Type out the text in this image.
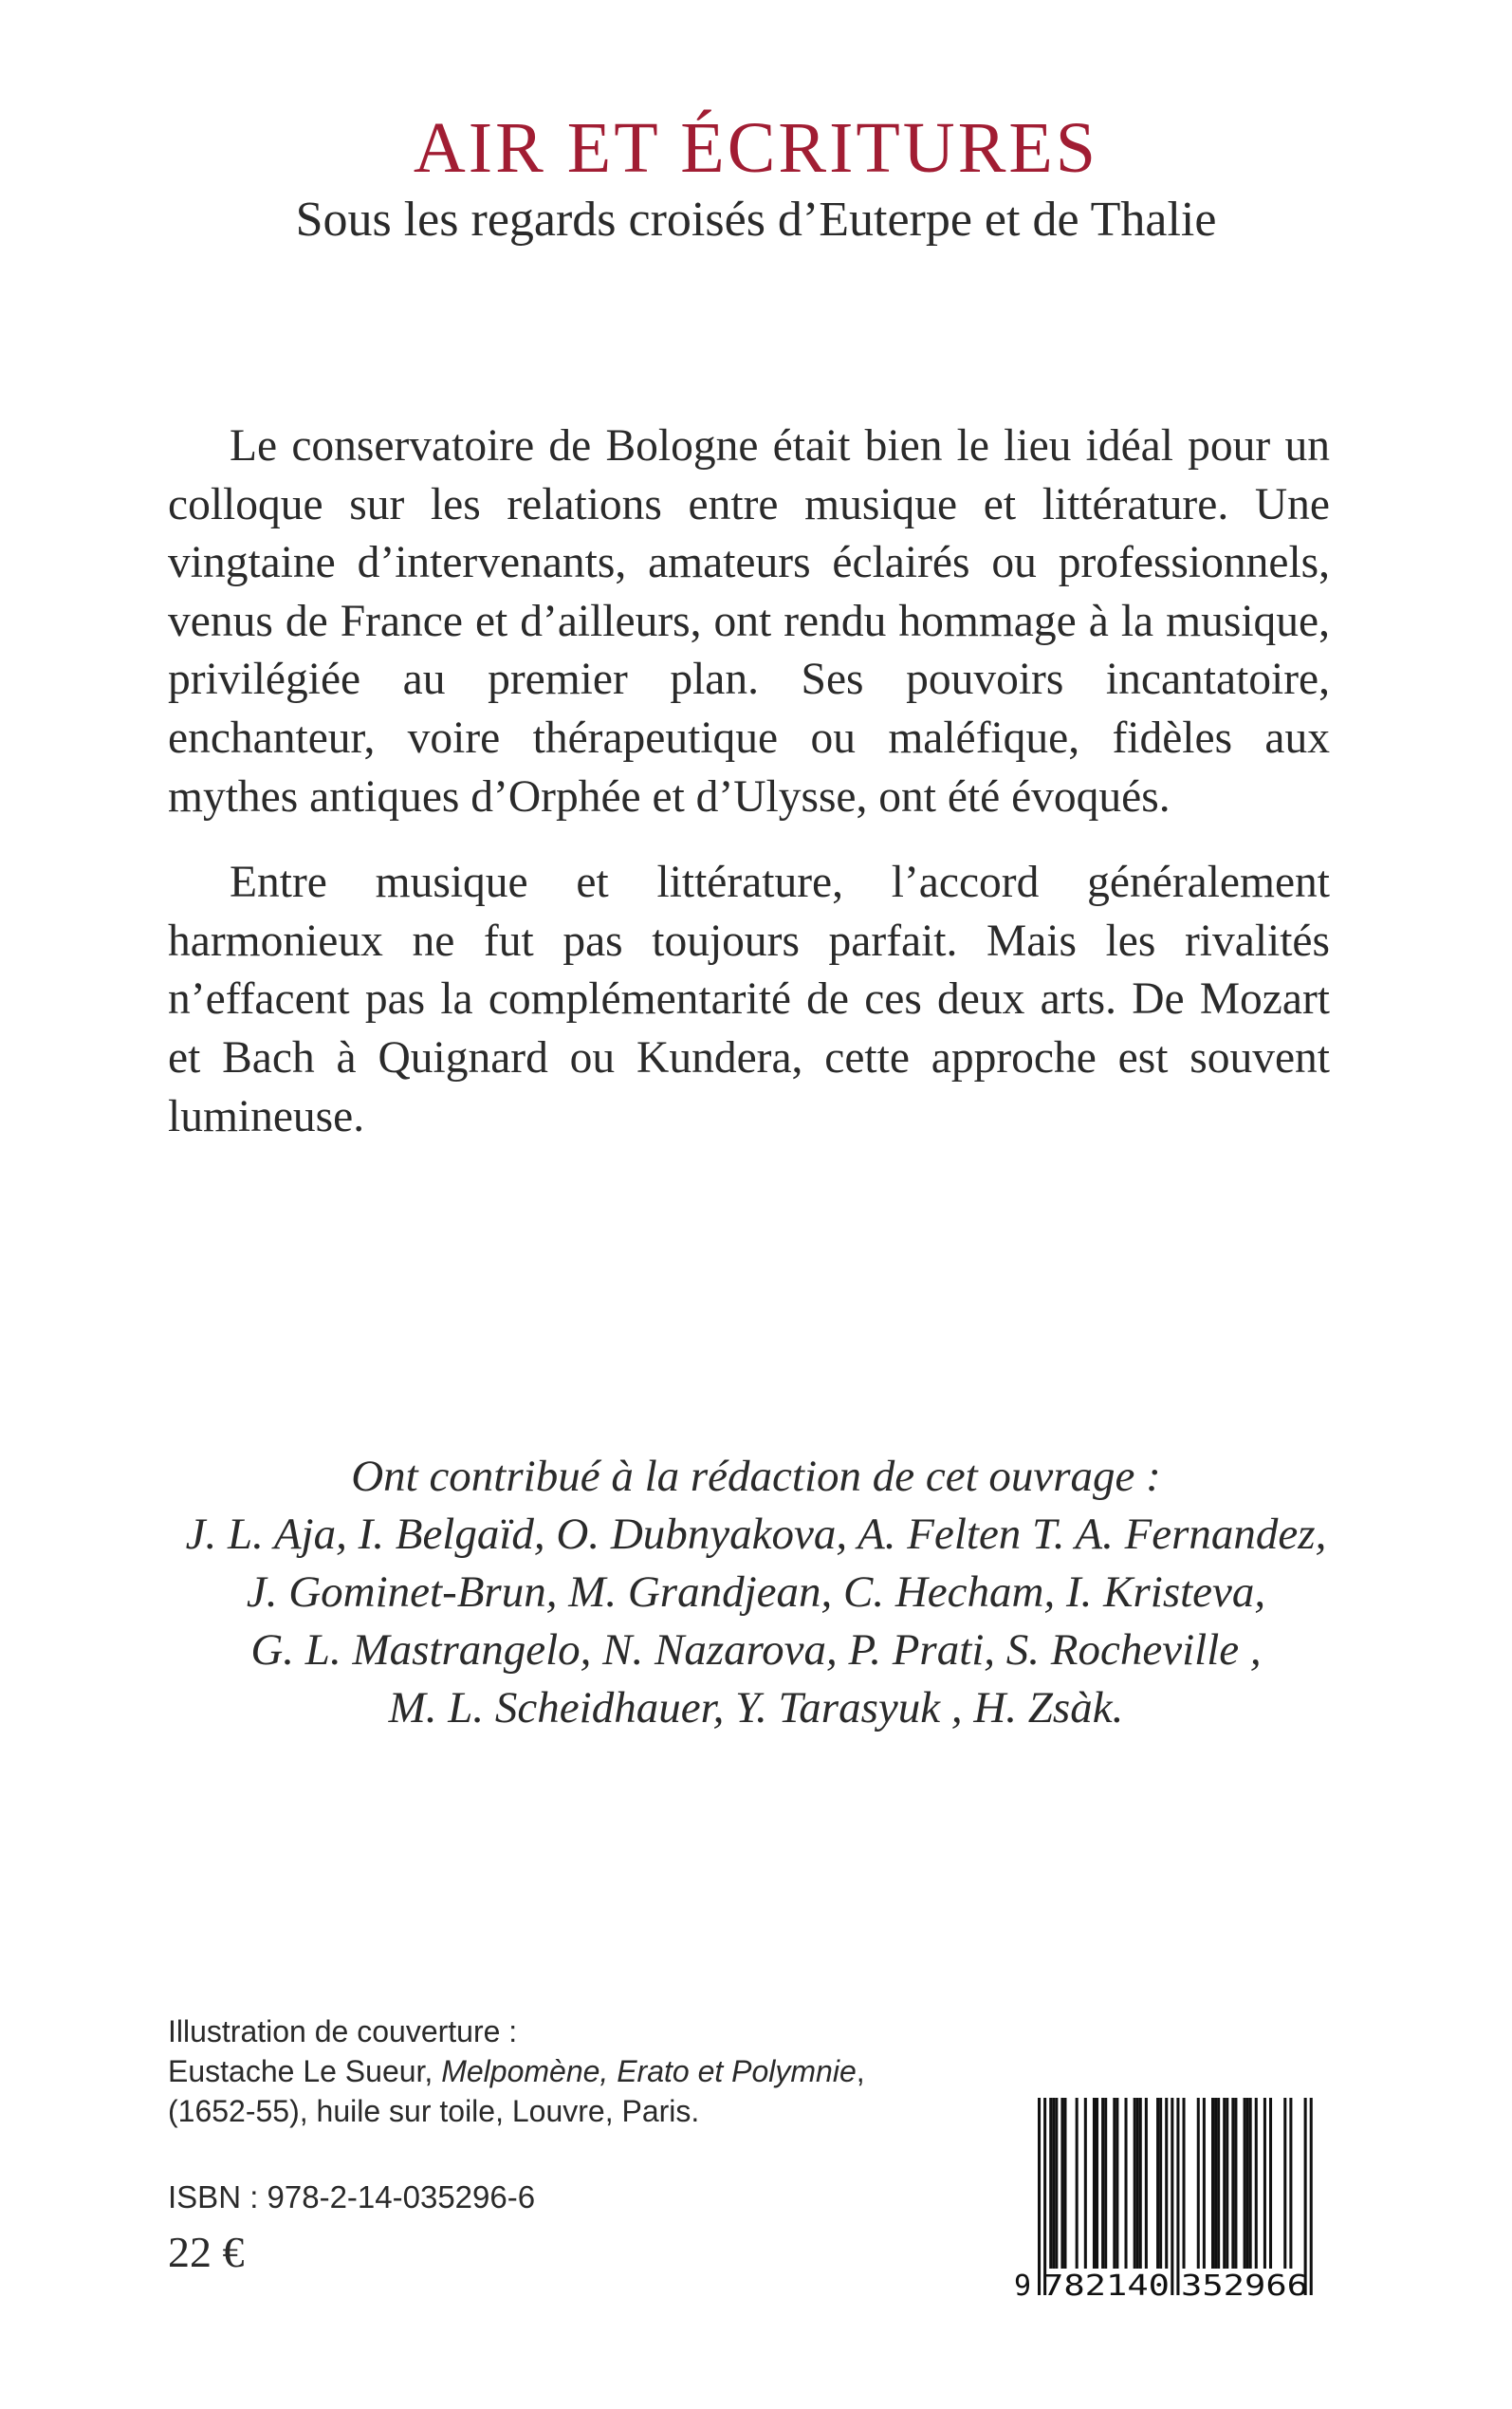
AIR ET ÉCRITURES
Sous les regards croisés d’Euterpe et de Thalie

Le conservatoire de Bologne était bien le lieu idéal pour un colloque sur les relations entre musique et littérature. Une vingtaine d’intervenants, amateurs éclairés ou professionnels, venus de France et d’ailleurs, ont rendu hommage à la musique, privilégiée au premier plan. Ses pouvoirs incantatoire, enchanteur, voire thérapeutique ou maléfique, fidèles aux mythes antiques d’Orphée et d’Ulysse, ont été évoqués.

Entre musique et littérature, l’accord généralement harmonieux ne fut pas toujours parfait. Mais les rivalités n’effacent pas la complémentarité de ces deux arts. De Mozart et Bach à Quignard ou Kundera, cette approche est souvent lumineuse.

Ont contribué à la rédaction de cet ouvrage :
J. L. Aja, I. Belgaïd, O. Dubnyakova, A. Felten T. A. Fernandez,
J. Gominet-Brun, M. Grandjean, C. Hecham, I. Kristeva,
G. L. Mastrangelo, N. Nazarova, P. Prati, S. Rocheville ,
M. L. Scheidhauer, Y. Tarasyuk , H. Zsàk.
Illustration de couverture :
Eustache Le Sueur, Melpomène, Erato et Polymnie,
(1652-55), huile sur toile, Louvre, Paris.
ISBN : 978-2-14-035296-6
22 €
9 782140 352966
